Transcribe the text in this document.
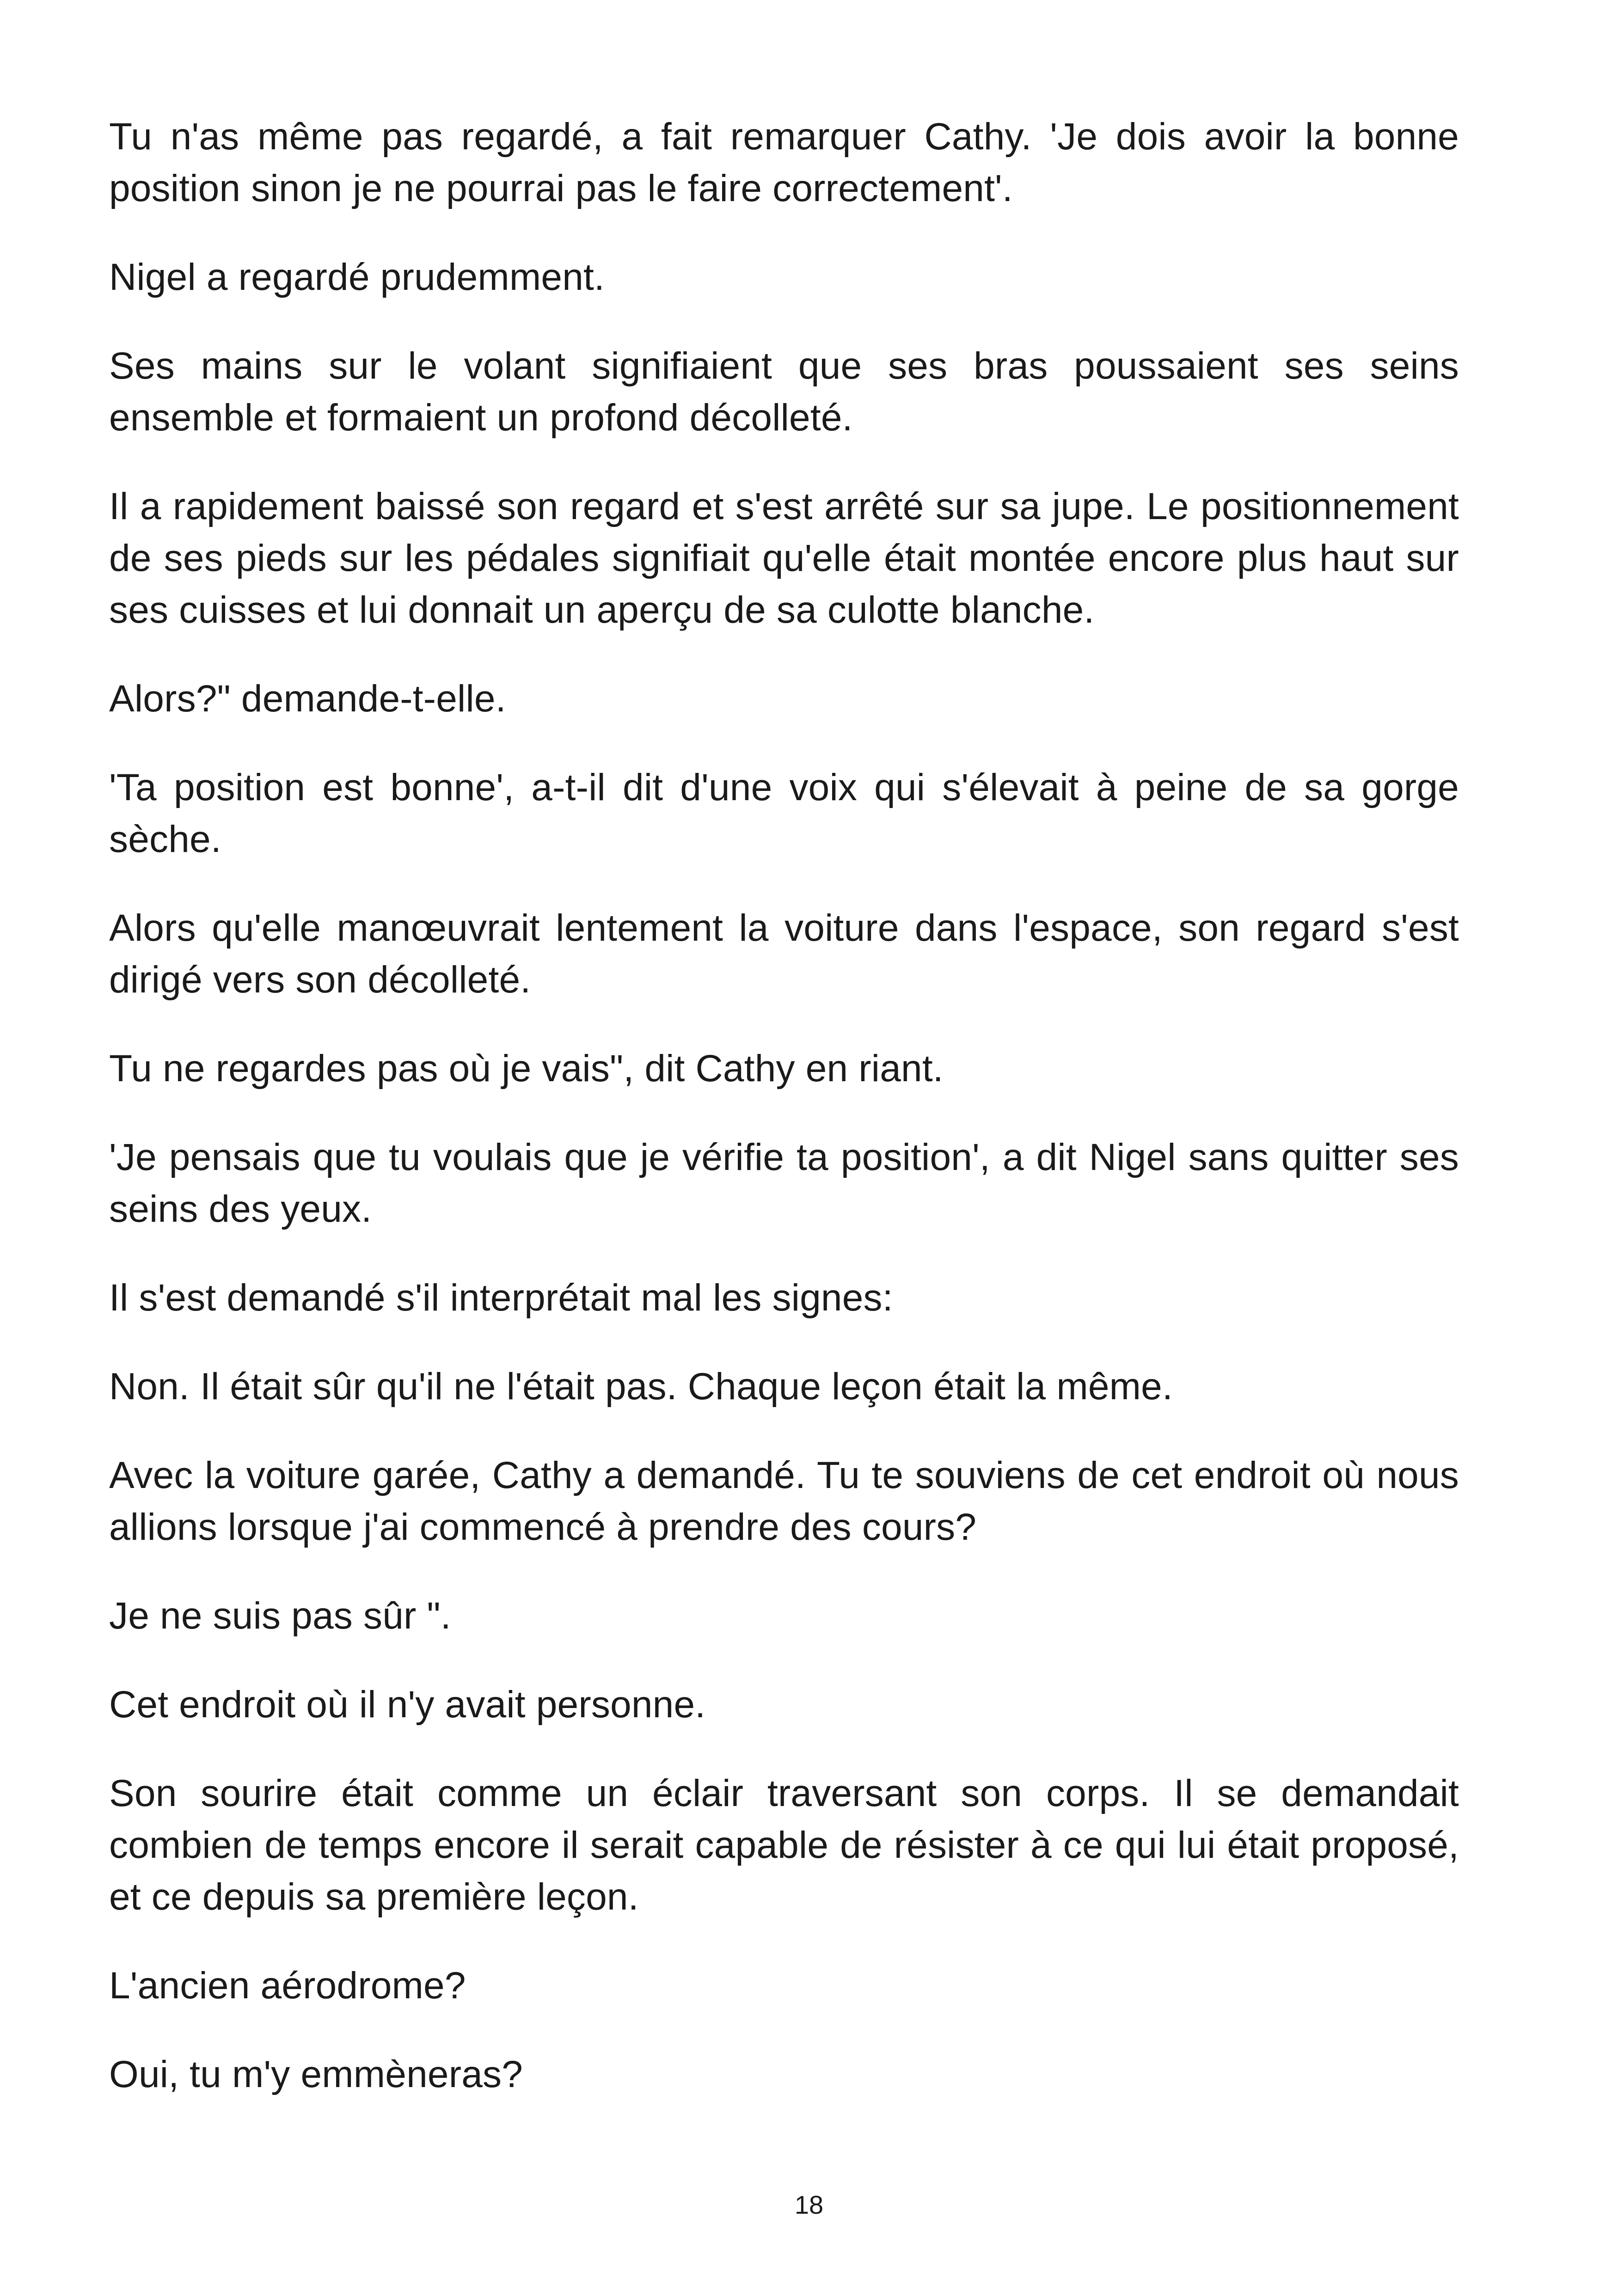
Tu n'as même pas regardé, a fait remarquer Cathy. 'Je dois avoir la bonne position sinon je ne pourrai pas le faire correctement'.

Nigel a regardé prudemment.

Ses mains sur le volant signifiaient que ses bras poussaient ses seins ensemble et formaient un profond décolleté.

Il a rapidement baissé son regard et s'est arrêté sur sa jupe. Le positionnement de ses pieds sur les pédales signifiait qu'elle était montée encore plus haut sur ses cuisses et lui donnait un aperçu de sa culotte blanche.

Alors?" demande-t-elle.

'Ta position est bonne', a-t-il dit d'une voix qui s'élevait à peine de sa gorge sèche.

Alors qu'elle manœuvrait lentement la voiture dans l'espace, son regard s'est dirigé vers son décolleté.

Tu ne regardes pas où je vais", dit Cathy en riant.

'Je pensais que tu voulais que je vérifie ta position', a dit Nigel sans quitter ses seins des yeux.

Il s'est demandé s'il interprétait mal les signes:

Non. Il était sûr qu'il ne l'était pas. Chaque leçon était la même.

Avec la voiture garée, Cathy a demandé. Tu te souviens de cet endroit où nous allions lorsque j'ai commencé à prendre des cours?

Je ne suis pas sûr ".

Cet endroit où il n'y avait personne.

Son sourire était comme un éclair traversant son corps. Il se demandait combien de temps encore il serait capable de résister à ce qui lui était proposé, et ce depuis sa première leçon.

L'ancien aérodrome?

Oui, tu m'y emmèneras?

18
